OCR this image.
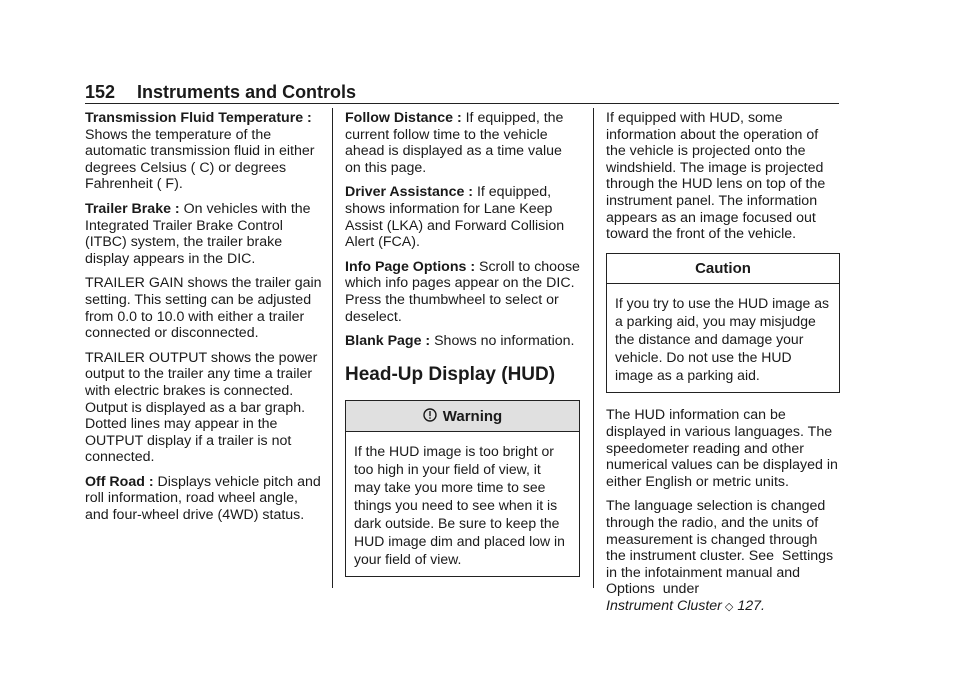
152 Instruments and Controls

Transmission Fluid Temperature : Shows the temperature of the automatic transmission fluid in either degrees Celsius ( C) or degrees Fahrenheit ( F).

Trailer Brake : On vehicles with the Integrated Trailer Brake Control (ITBC) system, the trailer brake display appears in the DIC.

TRAILER GAIN shows the trailer gain setting. This setting can be adjusted from 0.0 to 10.0 with either a trailer connected or disconnected.

TRAILER OUTPUT shows the power output to the trailer any time a trailer with electric brakes is connected. Output is displayed as a bar graph. Dotted lines may appear in the OUTPUT display if a trailer is not connected.

Off Road : Displays vehicle pitch and roll information, road wheel angle, and four-wheel drive (4WD) status.

Follow Distance : If equipped, the current follow time to the vehicle ahead is displayed as a time value on this page.

Driver Assistance : If equipped, shows information for Lane Keep Assist (LKA) and Forward Collision Alert (FCA).

Info Page Options : Scroll to choose which info pages appear on the DIC. Press the thumbwheel to select or deselect.

Blank Page : Shows no information.

Head-Up Display (HUD)
Warning
If the HUD image is too bright or too high in your field of view, it may take you more time to see things you need to see when it is dark outside. Be sure to keep the HUD image dim and placed low in your field of view.

If equipped with HUD, some information about the operation of the vehicle is projected onto the windshield. The image is projected through the HUD lens on top of the instrument panel. The information appears as an image focused out toward the front of the vehicle.

Caution
If you try to use the HUD image as a parking aid, you may misjudge the distance and damage your vehicle. Do not use the HUD image as a parking aid.

The HUD information can be displayed in various languages. The speedometer reading and other numerical values can be displayed in either English or metric units.

The language selection is changed through the radio, and the units of measurement is changed through the instrument cluster. See  Settings  in the infotainment manual and  Options  under
Instrument Cluster ◇ 127.
